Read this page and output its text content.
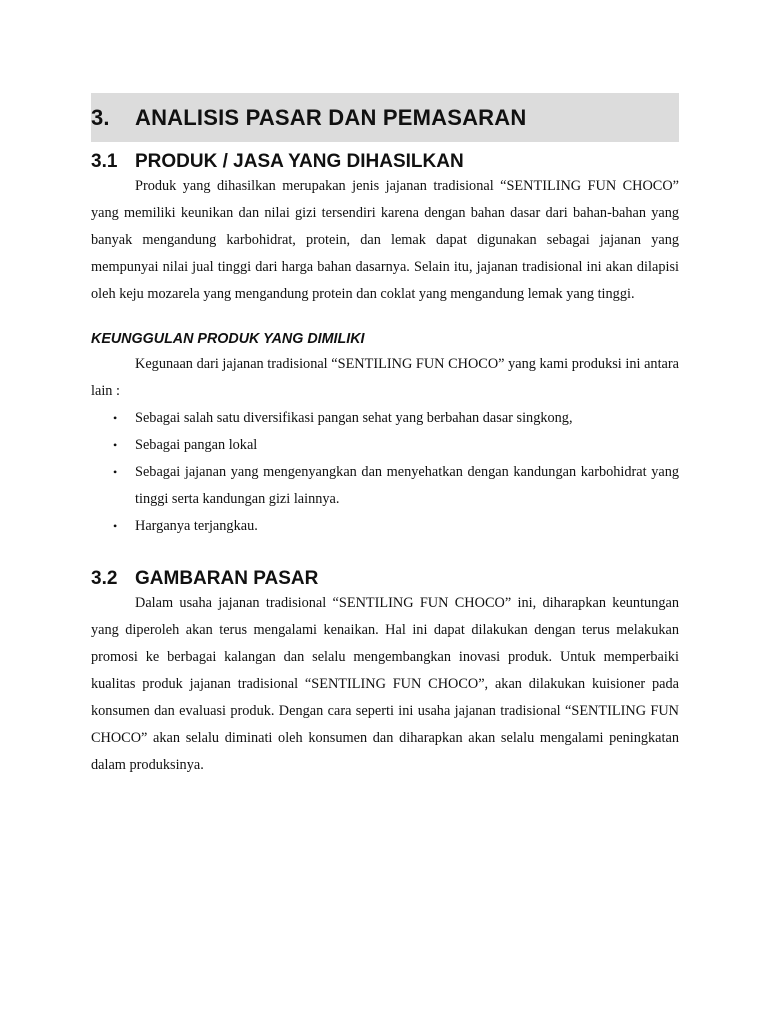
3.	ANALISIS PASAR DAN PEMASARAN
3.1 PRODUK / JASA YANG DIHASILKAN

Produk yang dihasilkan merupakan jenis jajanan tradisional “SENTILING FUN CHOCO” yang memiliki keunikan dan nilai gizi tersendiri karena dengan bahan dasar dari bahan-bahan yang banyak mengandung karbohidrat, protein, dan lemak dapat digunakan sebagai jajanan yang mempunyai nilai jual tinggi dari harga bahan dasarnya. Selain itu, jajanan tradisional ini akan dilapisi oleh keju mozarela yang mengandung protein dan coklat yang mengandung lemak yang tinggi.

KEUNGGULAN PRODUK YANG DIMILIKI

Kegunaan dari jajanan tradisional “SENTILING FUN CHOCO” yang kami produksi ini antara lain :

• Sebagai salah satu diversifikasi pangan sehat yang berbahan dasar singkong,
• Sebagai pangan lokal
• Sebagai jajanan yang mengenyangkan dan menyehatkan dengan kandungan karbohidrat yang tinggi serta kandungan gizi lainnya.
• Harganya terjangkau.
3.2 GAMBARAN PASAR

Dalam usaha jajanan tradisional “SENTILING FUN CHOCO” ini, diharapkan keuntungan yang diperoleh akan terus mengalami kenaikan. Hal ini dapat dilakukan dengan terus melakukan promosi ke berbagai kalangan dan selalu mengembangkan inovasi produk. Untuk memperbaiki kualitas produk jajanan tradisional “SENTILING FUN CHOCO”, akan dilakukan kuisioner pada konsumen dan evaluasi produk. Dengan cara seperti ini usaha jajanan tradisional “SENTILING FUN CHOCO” akan selalu diminati oleh konsumen dan diharapkan akan selalu mengalami peningkatan dalam produksinya.
